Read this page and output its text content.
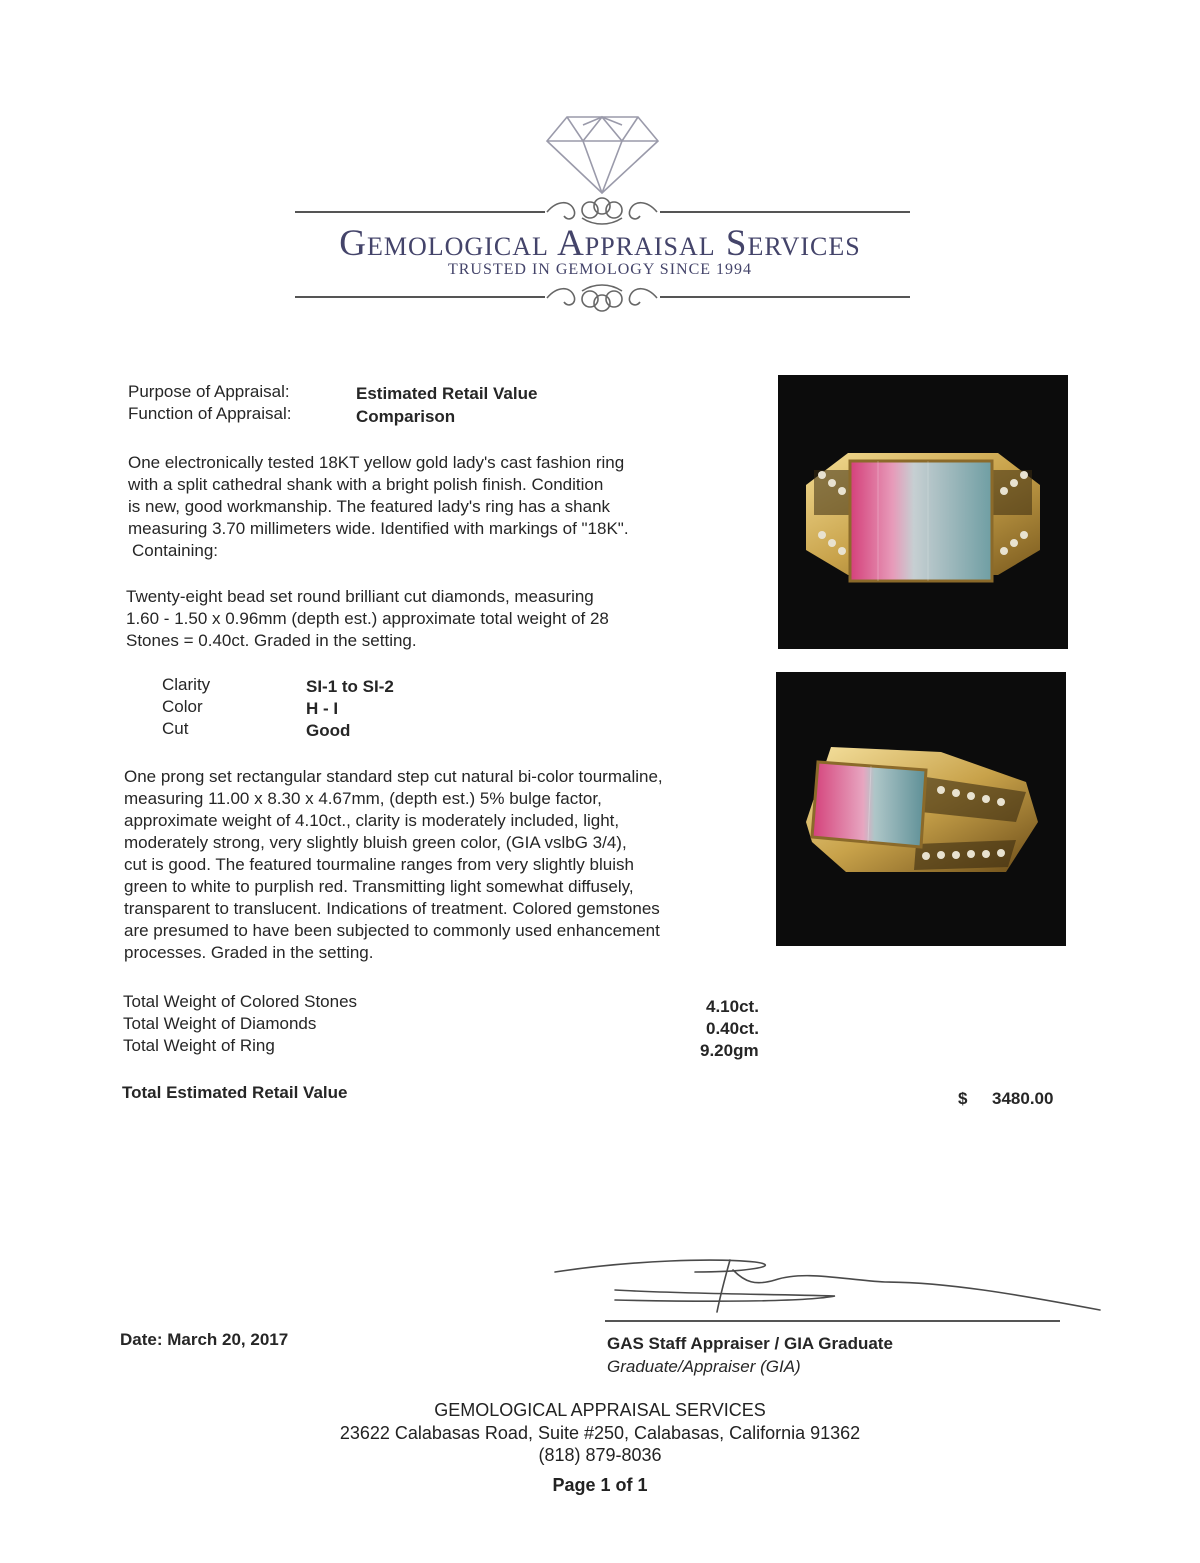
Gemological Appraisal Services
TRUSTED IN GEMOLOGY SINCE 1994
Purpose of Appraisal:	Estimated Retail Value
Function of Appraisal:	Comparison
One electronically tested 18KT yellow gold lady's cast fashion ring
with a split cathedral shank with a bright polish finish. Condition
is new, good workmanship. The featured lady's ring has a shank
measuring 3.70 millimeters wide. Identified with markings of "18K".
Containing:
Twenty-eight bead set round brilliant cut diamonds, measuring
1.60 - 1.50 x 0.96mm (depth est.) approximate total weight of 28
Stones = 0.40ct. Graded in the setting.
Clarity	SI-1 to SI-2
Color	H - I
Cut	Good
One prong set rectangular standard step cut natural bi-color tourmaline,
measuring 11.00 x 8.30 x 4.67mm, (depth est.) 5% bulge factor,
approximate weight of 4.10ct., clarity is moderately included, light,
moderately strong, very slightly bluish green color, (GIA vslbG 3/4),
cut is good. The featured tourmaline ranges from very slightly bluish
green to white to purplish red. Transmitting light somewhat diffusely,
transparent to translucent. Indications of treatment. Colored gemstones
are presumed to have been subjected to commonly used enhancement
processes. Graded in the setting.
Total Weight of Colored Stones	4.10ct.
Total Weight of Diamonds	0.40ct.
Total Weight of Ring	9.20gm
Total Estimated Retail Value	$ 3480.00
Date: March 20, 2017	GAS Staff Appraiser / GIA Graduate
Graduate/Appraiser (GIA)
GEMOLOGICAL APPRAISAL SERVICES
23622 Calabasas Road, Suite #250, Calabasas, California 91362
(818) 879-8036
Page 1 of 1
